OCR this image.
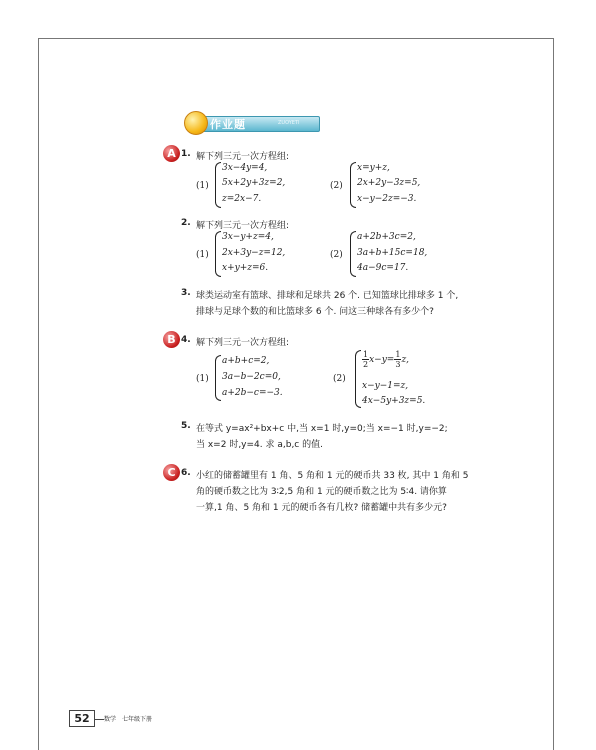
作业题	ZUOYETI
A 1. 解下列三元一次方程组:
(1)
3x−4y=4,
5x+2y+3z=2,
z=2x−7.
(2)
x=y+z,
2x+2y−3z=5,
x−y−2z=−3.
2. 解下列三元一次方程组:
(1)
3x−y+z=4,
2x+3y−z=12,
x+y+z=6.
(2)
a+2b+3c=2,
3a+b+15c=18,
4a−9c=17.
3. 球类运动室有篮球、排球和足球共 26 个. 已知篮球比排球多 1 个,
排球与足球个数的和比篮球多 6 个. 问这三种球各有多少个?
B 4. 解下列三元一次方程组:
(1)
a+b+c=2,
3a−b−2c=0,
a+2b−c=−3.
(2)
$\frac{1}{2} x-y= \frac{1}{3} z$,
x−y−1=z,
4x−5y+3z=5.
5. 在等式 y=ax²+bx+c 中,当 x=1 时,y=0;当 x=−1 时,y=−2;
当 x=2 时,y=4. 求 a,b,c 的值.
C 6. 小红的储蓄罐里有 1 角、5 角和 1 元的硬币共 33 枚, 其中 1 角和 5
角的硬币数之比为 3∶2,5 角和 1 元的硬币数之比为 5∶4. 请你算
一算,1 角、5 角和 1 元的硬币各有几枚? 储蓄罐中共有多少元?
52	数学 七年级下册
